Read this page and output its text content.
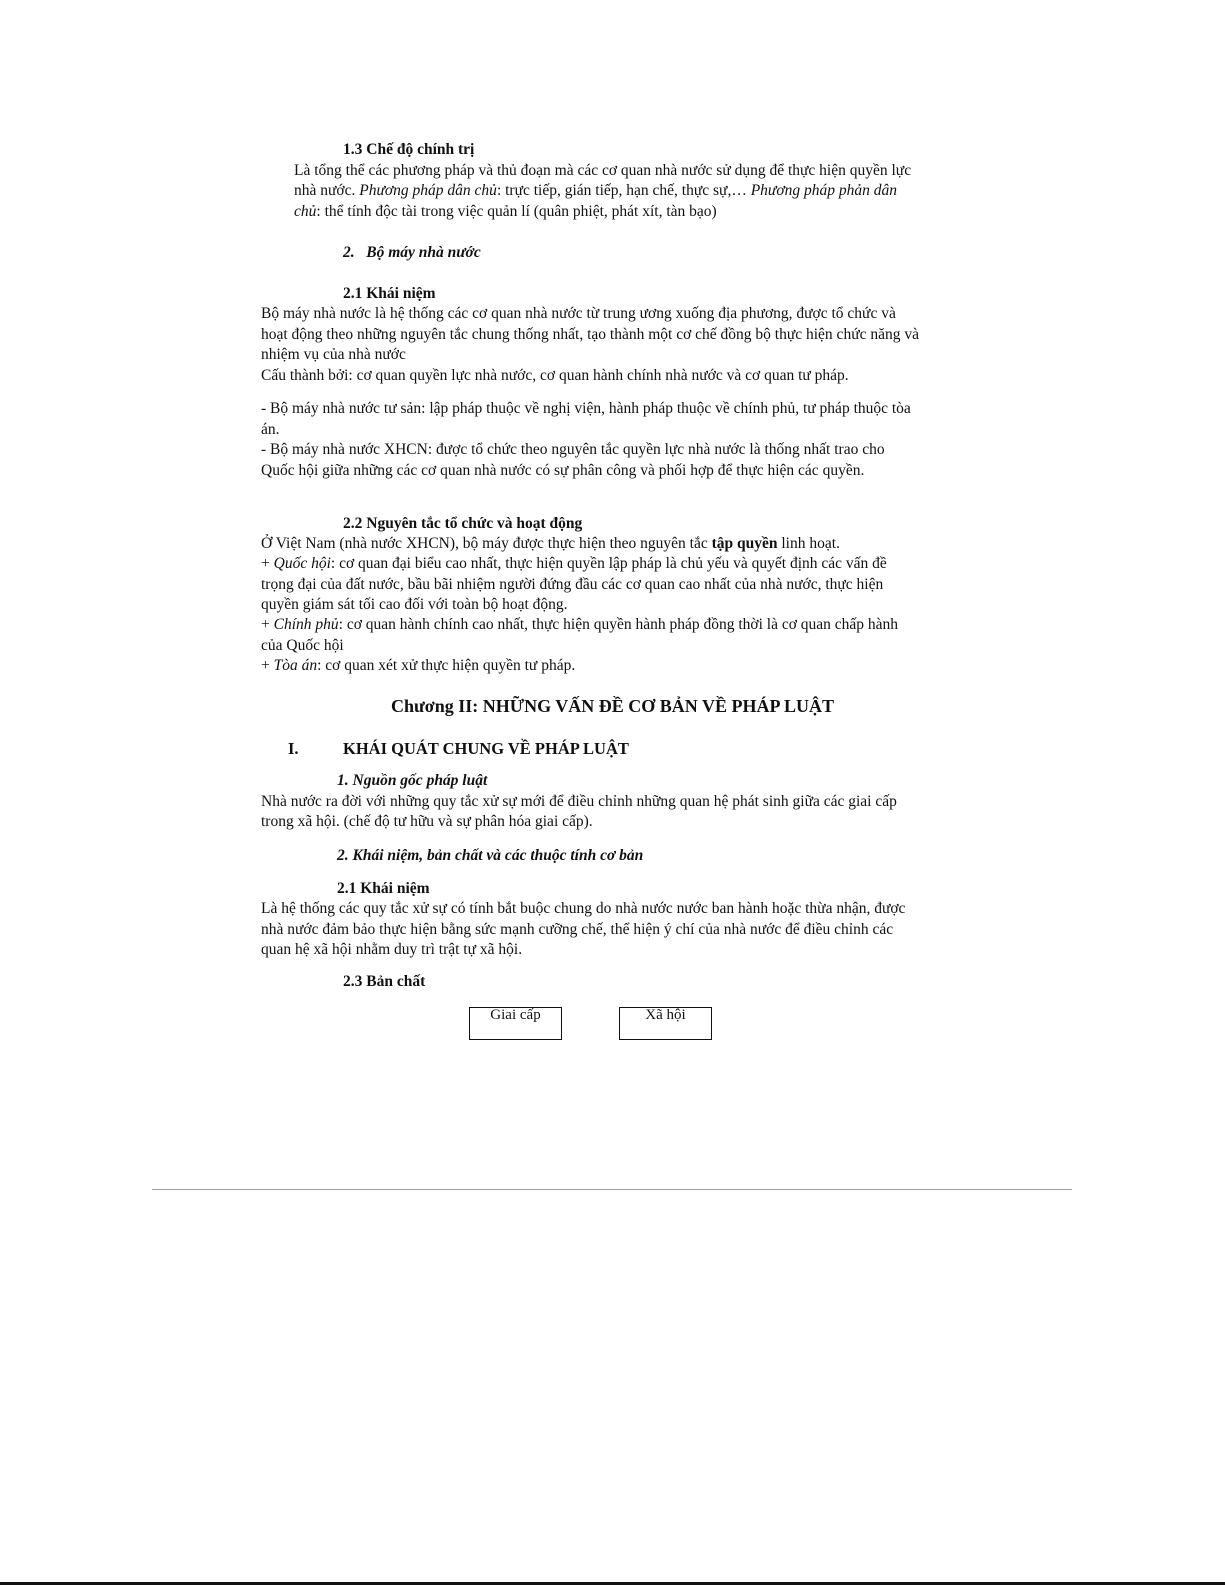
1.3 Chế độ chính trị
Là tổng thể các phương pháp và thủ đoạn mà các cơ quan nhà nước sử dụng để thực hiện quyền lực
nhà nước. Phương pháp dân chủ: trực tiếp, gián tiếp, hạn chế, thực sự,… Phương pháp phản dân
chủ: thể tính độc tài trong việc quản lí (quân phiệt, phát xít, tàn bạo)
2. Bộ máy nhà nước
2.1 Khái niệm
Bộ máy nhà nước là hệ thống các cơ quan nhà nước từ trung ương xuống địa phương, được tổ chức và
hoạt động theo những nguyên tắc chung thống nhất, tạo thành một cơ chế đồng bộ thực hiện chức năng và
nhiệm vụ của nhà nước
Cấu thành bởi: cơ quan quyền lực nhà nước, cơ quan hành chính nhà nước và cơ quan tư pháp.
- Bộ máy nhà nước tư sản: lập pháp thuộc về nghị viện, hành pháp thuộc về chính phủ, tư pháp thuộc tòa
án.
- Bộ máy nhà nước XHCN: được tổ chức theo nguyên tắc quyền lực nhà nước là thống nhất trao cho
Quốc hội giữa những các cơ quan nhà nước có sự phân công và phối hợp để thực hiện các quyền.
2.2 Nguyên tắc tổ chức và hoạt động
Ở Việt Nam (nhà nước XHCN), bộ máy được thực hiện theo nguyên tắc tập quyền linh hoạt.
+ Quốc hội: cơ quan đại biểu cao nhất, thực hiện quyền lập pháp là chủ yếu và quyết định các vấn đề
trọng đại của đất nước, bầu bãi nhiệm người đứng đầu các cơ quan cao nhất của nhà nước, thực hiện
quyền giám sát tối cao đối với toàn bộ hoạt động.
+ Chính phủ: cơ quan hành chính cao nhất, thực hiện quyền hành pháp đồng thời là cơ quan chấp hành
của Quốc hội
+ Tòa án: cơ quan xét xử thực hiện quyền tư pháp.
Chương II: NHỮNG VẤN ĐỀ CƠ BẢN VỀ PHÁP LUẬT
I.	KHÁI QUÁT CHUNG VỀ PHÁP LUẬT
1. Nguồn gốc pháp luật
Nhà nước ra đời với những quy tắc xử sự mới để điều chỉnh những quan hệ phát sinh giữa các giai cấp
trong xã hội. (chế độ tư hữu và sự phân hóa giai cấp).
2. Khái niệm, bản chất và các thuộc tính cơ bản
2.1 Khái niệm
Là hệ thống các quy tắc xử sự có tính bắt buộc chung do nhà nước nước ban hành hoặc thừa nhận, được
nhà nước đảm bảo thực hiện bằng sức mạnh cưỡng chế, thể hiện ý chí của nhà nước để điều chỉnh các
quan hệ xã hội nhằm duy trì trật tự xã hội.
2.3 Bản chất
Giai cấp	Xã hội
